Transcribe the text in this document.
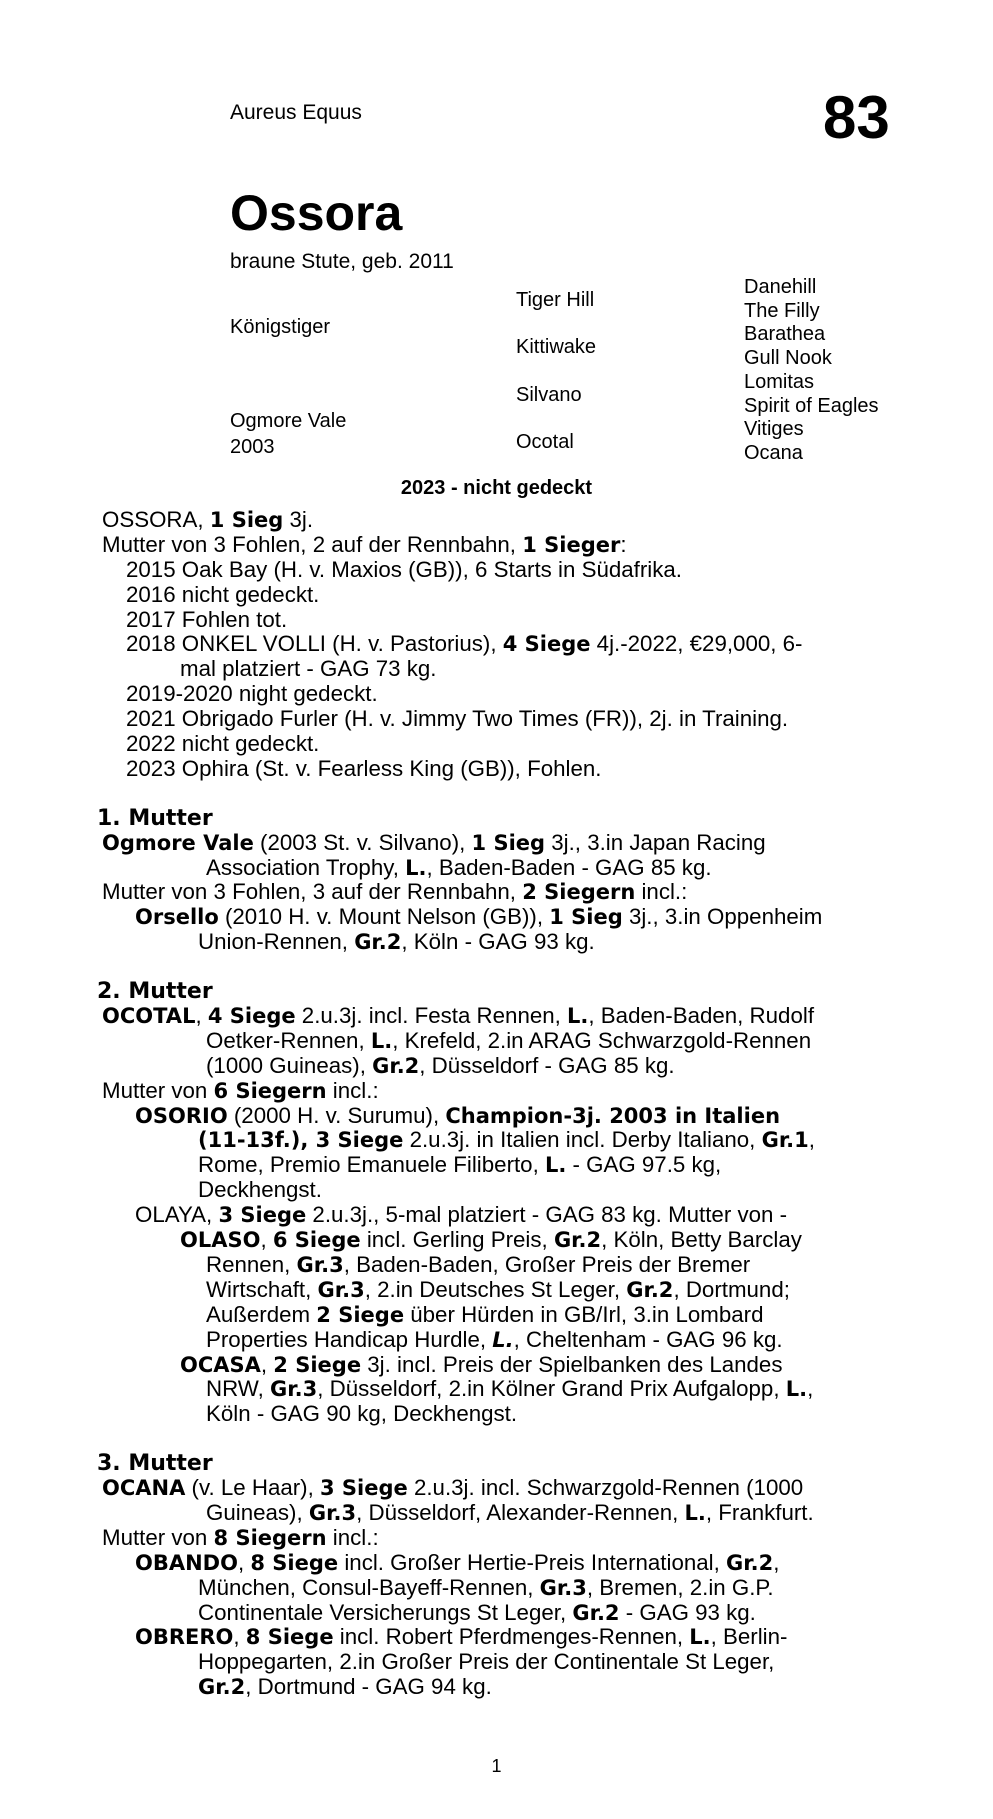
Aureus Equus	83
Ossora
braune Stute, geb. 2011
Königstiger
Ogmore Vale
2003
Tiger Hill
Kittiwake
Silvano
Ocotal
Danehill
The Filly
Barathea
Gull Nook
Lomitas
Spirit of Eagles
Vitiges
Ocana
2023 - nicht gedeckt
OSSORA, 1 Sieg 3j.
Mutter von 3 Fohlen, 2 auf der Rennbahn, 1 Sieger:
2015 Oak Bay (H. v. Maxios (GB)), 6 Starts in Südafrika.
2016 nicht gedeckt.
2017 Fohlen tot.
2018 ONKEL VOLLI (H. v. Pastorius), 4 Siege 4j.-2022, €29,000, 6-
mal platziert - GAG 73 kg.
2019-2020 night gedeckt.
2021 Obrigado Furler (H. v. Jimmy Two Times (FR)), 2j. in Training.
2022 nicht gedeckt.
2023 Ophira (St. v. Fearless King (GB)), Fohlen.
1. Mutter
Ogmore Vale (2003 St. v. Silvano), 1 Sieg 3j., 3.in Japan Racing
Association Trophy, L., Baden-Baden - GAG 85 kg.
Mutter von 3 Fohlen, 3 auf der Rennbahn, 2 Siegern incl.:
Orsello (2010 H. v. Mount Nelson (GB)), 1 Sieg 3j., 3.in Oppenheim
Union-Rennen, Gr.2, Köln - GAG 93 kg.
2. Mutter
OCOTAL, 4 Siege 2.u.3j. incl. Festa Rennen, L., Baden-Baden, Rudolf
Oetker-Rennen, L., Krefeld, 2.in ARAG Schwarzgold-Rennen
(1000 Guineas), Gr.2, Düsseldorf - GAG 85 kg.
Mutter von 6 Siegern incl.:
OSORIO (2000 H. v. Surumu), Champion-3j. 2003 in Italien
(11-13f.), 3 Siege 2.u.3j. in Italien incl. Derby Italiano, Gr.1,
Rome, Premio Emanuele Filiberto, L. - GAG 97.5 kg,
Deckhengst.
OLAYA, 3 Siege 2.u.3j., 5-mal platziert - GAG 83 kg. Mutter von -
OLASO, 6 Siege incl. Gerling Preis, Gr.2, Köln, Betty Barclay
Rennen, Gr.3, Baden-Baden, Großer Preis der Bremer
Wirtschaft, Gr.3, 2.in Deutsches St Leger, Gr.2, Dortmund;
Außerdem 2 Siege über Hürden in GB/Irl, 3.in Lombard
Properties Handicap Hurdle, L., Cheltenham - GAG 96 kg.
OCASA, 2 Siege 3j. incl. Preis der Spielbanken des Landes
NRW, Gr.3, Düsseldorf, 2.in Kölner Grand Prix Aufgalopp, L.,
Köln - GAG 90 kg, Deckhengst.
3. Mutter
OCANA (v. Le Haar), 3 Siege 2.u.3j. incl. Schwarzgold-Rennen (1000
Guineas), Gr.3, Düsseldorf, Alexander-Rennen, L., Frankfurt.
Mutter von 8 Siegern incl.:
OBANDO, 8 Siege incl. Großer Hertie-Preis International, Gr.2,
München, Consul-Bayeff-Rennen, Gr.3, Bremen, 2.in G.P.
Continentale Versicherungs St Leger, Gr.2 - GAG 93 kg.
OBRERO, 8 Siege incl. Robert Pferdmenges-Rennen, L., Berlin-
Hoppegarten, 2.in Großer Preis der Continentale St Leger,
Gr.2, Dortmund - GAG 94 kg.
1
